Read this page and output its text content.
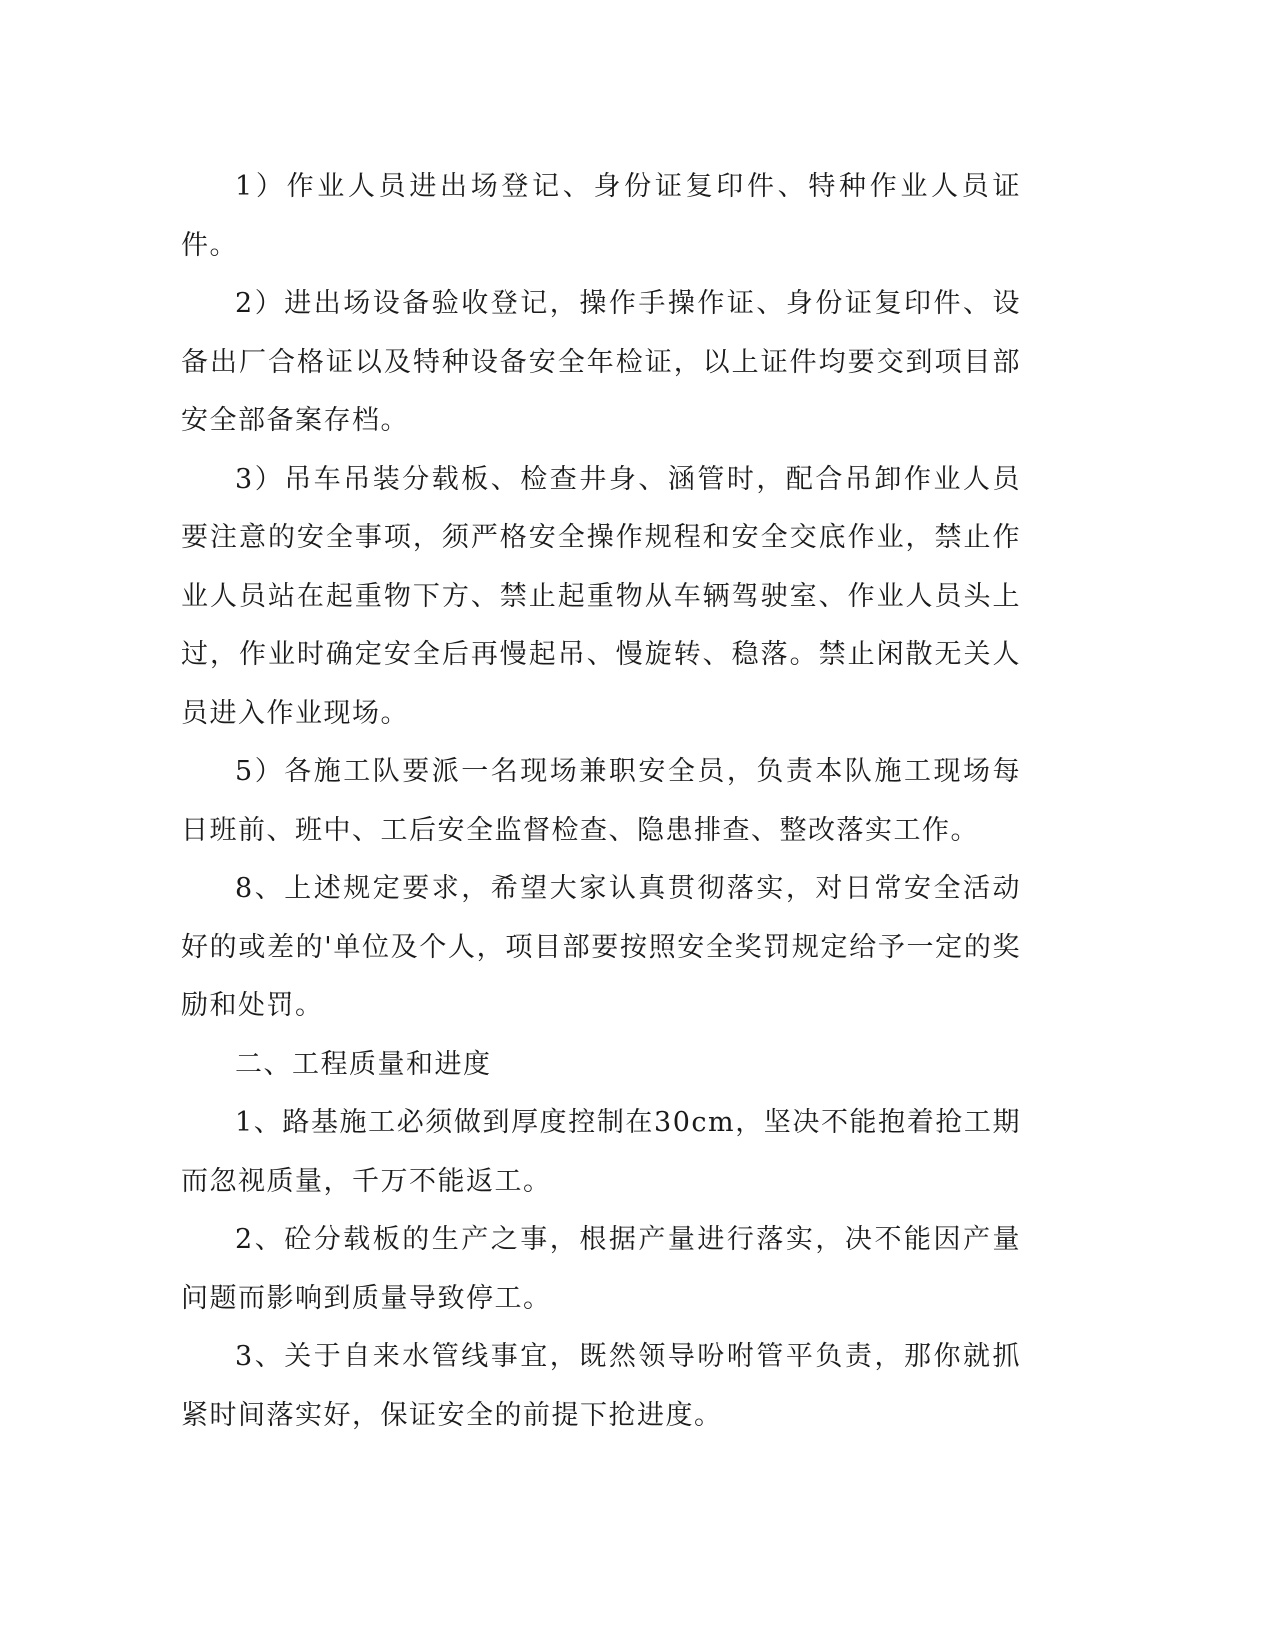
1）作业人员进出场登记、身份证复印件、特种作业人员证件。

2）进出场设备验收登记，操作手操作证、身份证复印件、设备出厂合格证以及特种设备安全年检证，以上证件均要交到项目部安全部备案存档。

3）吊车吊装分载板、检查井身、涵管时，配合吊卸作业人员要注意的安全事项，须严格安全操作规程和安全交底作业，禁止作业人员站在起重物下方、禁止起重物从车辆驾驶室、作业人员头上过，作业时确定安全后再慢起吊、慢旋转、稳落。禁止闲散无关人员进入作业现场。

5）各施工队要派一名现场兼职安全员，负责本队施工现场每日班前、班中、工后安全监督检查、隐患排查、整改落实工作。

8、上述规定要求，希望大家认真贯彻落实，对日常安全活动好的或差的'单位及个人，项目部要按照安全奖罚规定给予一定的奖励和处罚。

二、工程质量和进度

1、路基施工必须做到厚度控制在30cm，坚决不能抱着抢工期而忽视质量，千万不能返工。

2、砼分载板的生产之事，根据产量进行落实，决不能因产量问题而影响到质量导致停工。

3、关于自来水管线事宜，既然领导吩咐管平负责，那你就抓紧时间落实好，保证安全的前提下抢进度。
